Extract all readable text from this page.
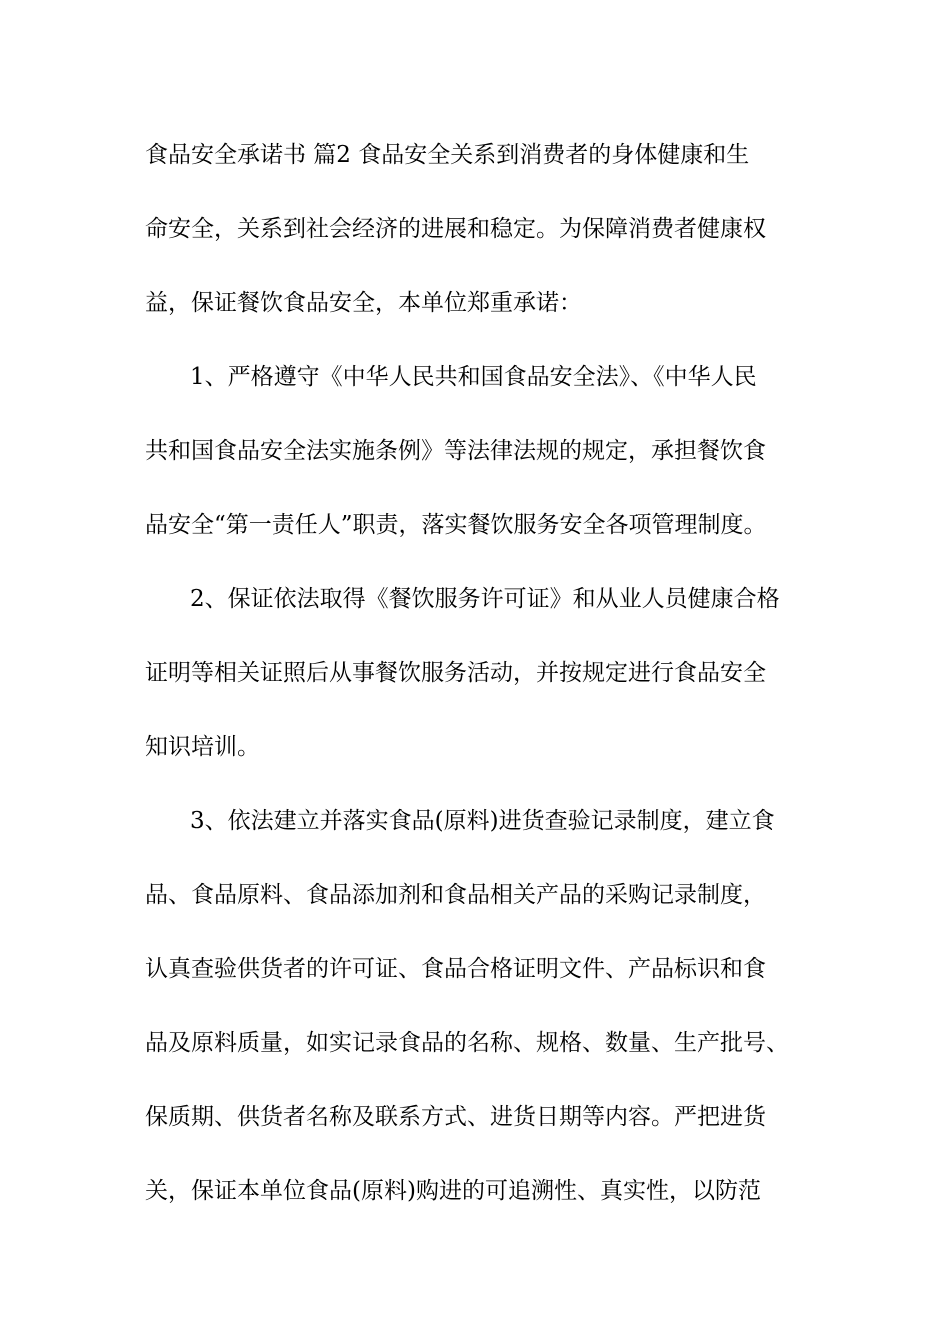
食品安全承诺书 篇2 食品安全关系到消费者的身体健康和生
命安全，关系到社会经济的进展和稳定。为保障消费者健康权
益，保证餐饮食品安全，本单位郑重承诺：
1、严格遵守《中华人民共和国食品安全法》、《中华人民
共和国食品安全法实施条例》等法律法规的规定，承担餐饮食
品安全“第一责任人”职责，落实餐饮服务安全各项管理制度。
2、保证依法取得《餐饮服务许可证》和从业人员健康合格
证明等相关证照后从事餐饮服务活动，并按规定进行食品安全
知识培训。
3、依法建立并落实食品(原料)进货查验记录制度，建立食
品、食品原料、食品添加剂和食品相关产品的采购记录制度，
认真查验供货者的许可证、食品合格证明文件、产品标识和食
品及原料质量，如实记录食品的名称、规格、数量、生产批号、
保质期、供货者名称及联系方式、进货日期等内容。严把进货
关，保证本单位食品(原料)购进的可追溯性、真实性，以防范
